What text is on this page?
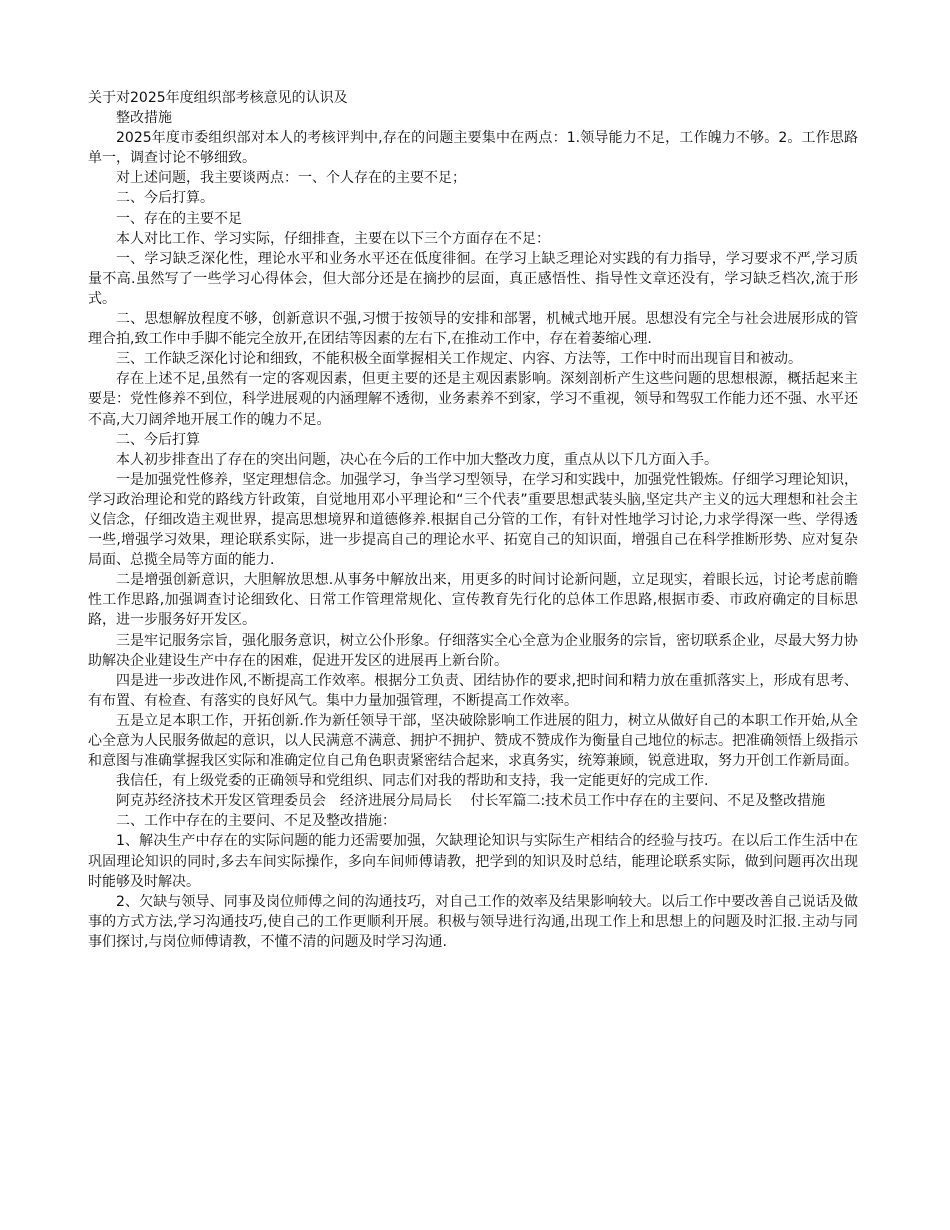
关于对2025年度组织部考核意见的认识及

整改措施

2025年度市委组织部对本人的考核评判中,存在的问题主要集中在两点：1.领导能力不足，工作魄力不够。2。工作思路单一，调查讨论不够细致。

对上述问题，我主要谈两点：一、个人存在的主要不足；

二、今后打算。

一、存在的主要不足

本人对比工作、学习实际，仔细排查，主要在以下三个方面存在不足：

一、学习缺乏深化性，理论水平和业务水平还在低度徘徊。在学习上缺乏理论对实践的有力指导，学习要求不严,学习质量不高.虽然写了一些学习心得体会，但大部分还是在摘抄的层面，真正感悟性、指导性文章还没有，学习缺乏档次,流于形式。

二、思想解放程度不够，创新意识不强,习惯于按领导的安排和部署，机械式地开展。思想没有完全与社会进展形成的管理合拍,致工作中手脚不能完全放开,在团结等因素的左右下,在推动工作中，存在着萎缩心理.

三、工作缺乏深化讨论和细致，不能积极全面掌握相关工作规定、内容、方法等，工作中时而出现盲目和被动。

存在上述不足,虽然有一定的客观因素，但更主要的还是主观因素影响。深刻剖析产生这些问题的思想根源，概括起来主要是：党性修养不到位，科学进展观的内涵理解不透彻，业务素养不到家，学习不重视，领导和驾驭工作能力还不强、水平还不高,大刀阔斧地开展工作的魄力不足。

二、今后打算

本人初步排查出了存在的突出问题，决心在今后的工作中加大整改力度，重点从以下几方面入手。

一是加强党性修养，坚定理想信念。加强学习，争当学习型领导，在学习和实践中，加强党性锻炼。仔细学习理论知识，学习政治理论和党的路线方针政策，自觉地用邓小平理论和“三个代表”重要思想武装头脑,坚定共产主义的远大理想和社会主义信念，仔细改造主观世界，提高思想境界和道德修养.根据自己分管的工作，有针对性地学习讨论,力求学得深一些、学得透一些,增强学习效果，理论联系实际，进一步提高自己的理论水平、拓宽自己的知识面，增强自己在科学推断形势、应对复杂局面、总揽全局等方面的能力.

二是增强创新意识，大胆解放思想.从事务中解放出来，用更多的时间讨论新问题，立足现实，着眼长远，讨论考虑前瞻性工作思路,加强调查讨论细致化、日常工作管理常规化、宣传教育先行化的总体工作思路,根据市委、市政府确定的目标思路，进一步服务好开发区。

三是牢记服务宗旨，强化服务意识，树立公仆形象。仔细落实全心全意为企业服务的宗旨，密切联系企业，尽最大努力协助解决企业建设生产中存在的困难，促进开发区的进展再上新台阶。

四是进一步改进作风,不断提高工作效率。根据分工负责、团结协作的要求,把时间和精力放在重抓落实上，形成有思考、有布置、有检查、有落实的良好风气。集中力量加强管理，不断提高工作效率。

五是立足本职工作，开拓创新.作为新任领导干部，坚决破除影响工作进展的阻力，树立从做好自己的本职工作开始,从全心全意为人民服务做起的意识，以人民满意不满意、拥护不拥护、赞成不赞成作为衡量自己地位的标志。把准确领悟上级指示和意图与准确掌握我区实际和准确定位自己角色职责紧密结合起来，求真务实，统筹兼顾，锐意进取，努力开创工作新局面。

我信任，有上级党委的正确领导和党组织、同志们对我的帮助和支持，我一定能更好的完成工作.

阿克苏经济技术开发区管理委员会　经济进展分局局长　 付长军篇二:技术员工作中存在的主要问、不足及整改措施

二、工作中存在的主要问、不足及整改措施：

1、解决生产中存在的实际问题的能力还需要加强，欠缺理论知识与实际生产相结合的经验与技巧。在以后工作生活中在巩固理论知识的同时,多去车间实际操作，多向车间师傅请教，把学到的知识及时总结，能理论联系实际，做到问题再次出现时能够及时解决。

2、欠缺与领导、同事及岗位师傅之间的沟通技巧，对自己工作的效率及结果影响较大。以后工作中要改善自己说话及做事的方式方法,学习沟通技巧,使自己的工作更顺利开展。积极与领导进行沟通,出现工作上和思想上的问题及时汇报.主动与同事们探讨,与岗位师傅请教，不懂不清的问题及时学习沟通.
